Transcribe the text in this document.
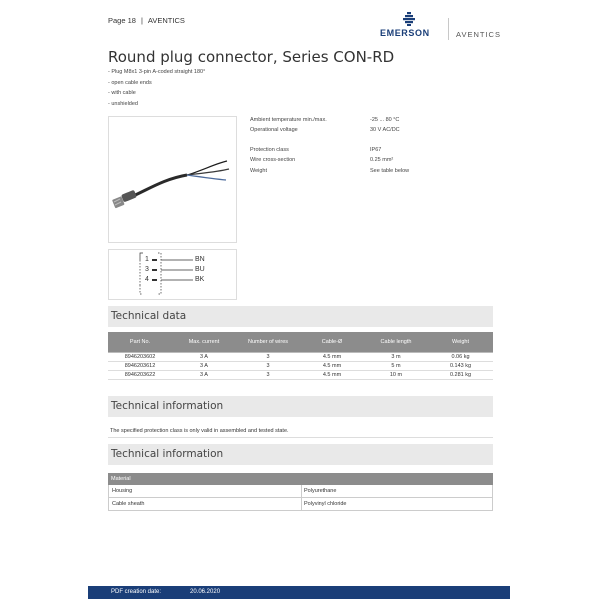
Page 18 | AVENTICS
EMERSON	AVENTICS
Round plug connector, Series CON-RD
- Plug M8x1 3-pin A-coded straight 180°
- open cable ends
- with cable
- unshielded
1
3
4
BN
BU
BK
Ambient temperature min./max.	-25 ... 80 °C
Operational voltage	30 V AC/DC
Protection class	IP67
Wire cross-section	0.25 mm²
Weight	See table below
Technical data
Part No.	Max. current	Number of wires	Cable-Ø	Cable length	Weight
8946203602	3 A	3	4.5 mm	3 m	0.06 kg
8946203612	3 A	3	4.5 mm	5 m	0.143 kg
8946203622	3 A	3	4.5 mm	10 m	0.281 kg
Technical information
The specified protection class is only valid in assembled and tested state.
Technical information
Material
Housing	Polyurethane
Cable sheath	Polyvinyl chloride
PDF creation date:	20.06.2020
